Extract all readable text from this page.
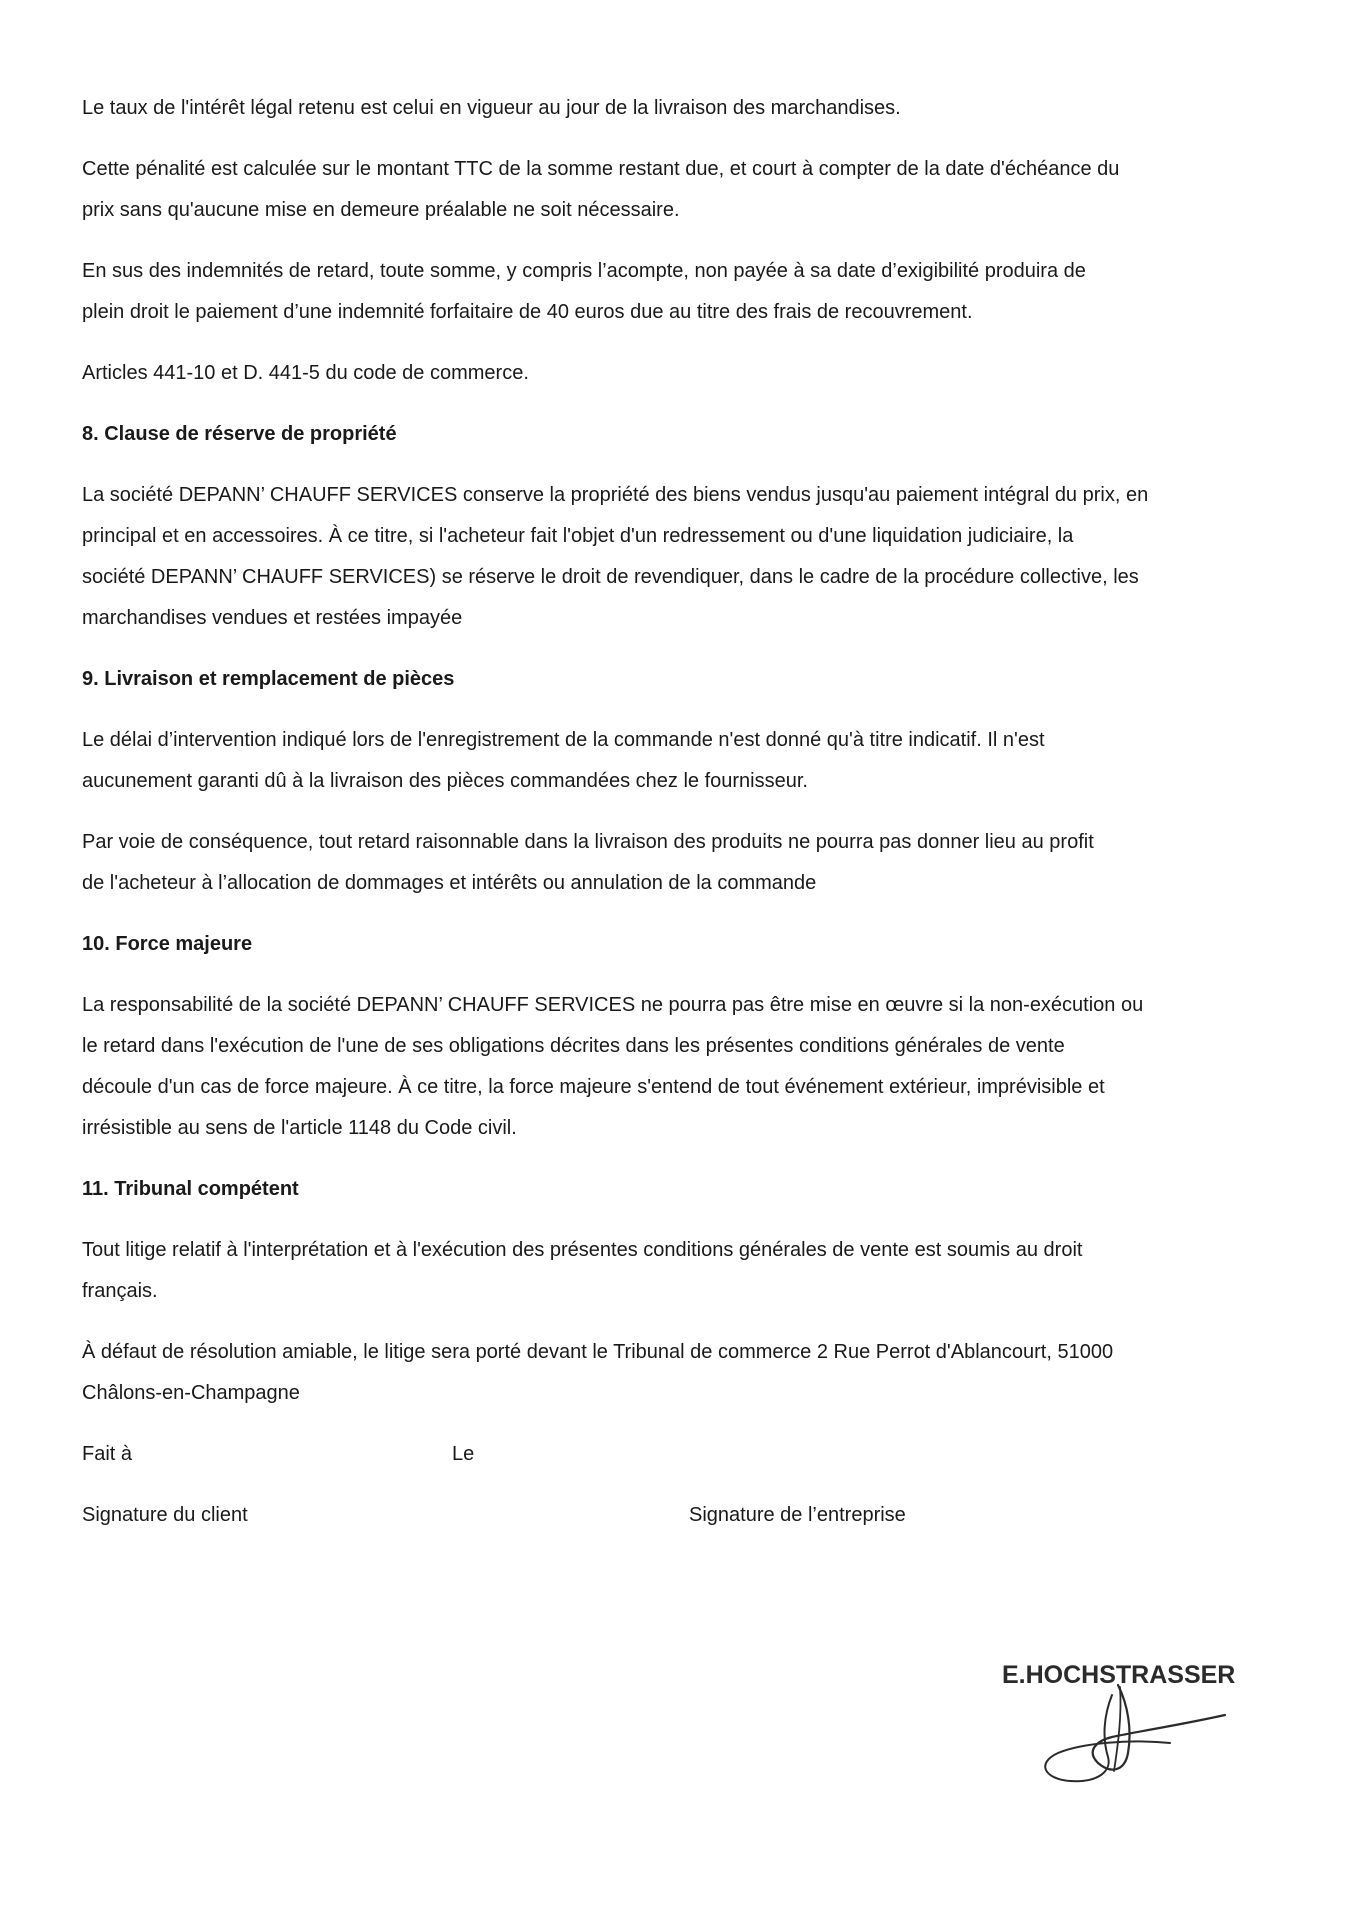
Le taux de l'intérêt légal retenu est celui en vigueur au jour de la livraison des marchandises.

Cette pénalité est calculée sur le montant TTC de la somme restant due, et court à compter de la date d'échéance du
prix sans qu'aucune mise en demeure préalable ne soit nécessaire.

En sus des indemnités de retard, toute somme, y compris l’acompte, non payée à sa date d’exigibilité produira de
plein droit le paiement d’une indemnité forfaitaire de 40 euros due au titre des frais de recouvrement.

Articles 441-10 et D. 441-5 du code de commerce.

8. Clause de réserve de propriété

La société DEPANN’ CHAUFF SERVICES conserve la propriété des biens vendus jusqu'au paiement intégral du prix, en
principal et en accessoires. À ce titre, si l'acheteur fait l'objet d'un redressement ou d'une liquidation judiciaire, la
société DEPANN’ CHAUFF SERVICES) se réserve le droit de revendiquer, dans le cadre de la procédure collective, les
marchandises vendues et restées impayée

9. Livraison et remplacement de pièces

Le délai d’intervention indiqué lors de l'enregistrement de la commande n'est donné qu'à titre indicatif. Il n'est
aucunement garanti dû à la livraison des pièces commandées chez le fournisseur.

Par voie de conséquence, tout retard raisonnable dans la livraison des produits ne pourra pas donner lieu au profit
de l'acheteur à l’allocation de dommages et intérêts ou annulation de la commande

10. Force majeure

La responsabilité de la société DEPANN’ CHAUFF SERVICES ne pourra pas être mise en œuvre si la non-exécution ou
le retard dans l'exécution de l'une de ses obligations décrites dans les présentes conditions générales de vente
découle d'un cas de force majeure. À ce titre, la force majeure s'entend de tout événement extérieur, imprévisible et
irrésistible au sens de l'article 1148 du Code civil.

11. Tribunal compétent

Tout litige relatif à l'interprétation et à l'exécution des présentes conditions générales de vente est soumis au droit
français.

À défaut de résolution amiable, le litige sera porté devant le Tribunal de commerce 2 Rue Perrot d'Ablancourt, 51000
Châlons-en-Champagne

Fait à	Le
Signature du client	Signature de l’entreprise
E.HOCHSTRASSER
